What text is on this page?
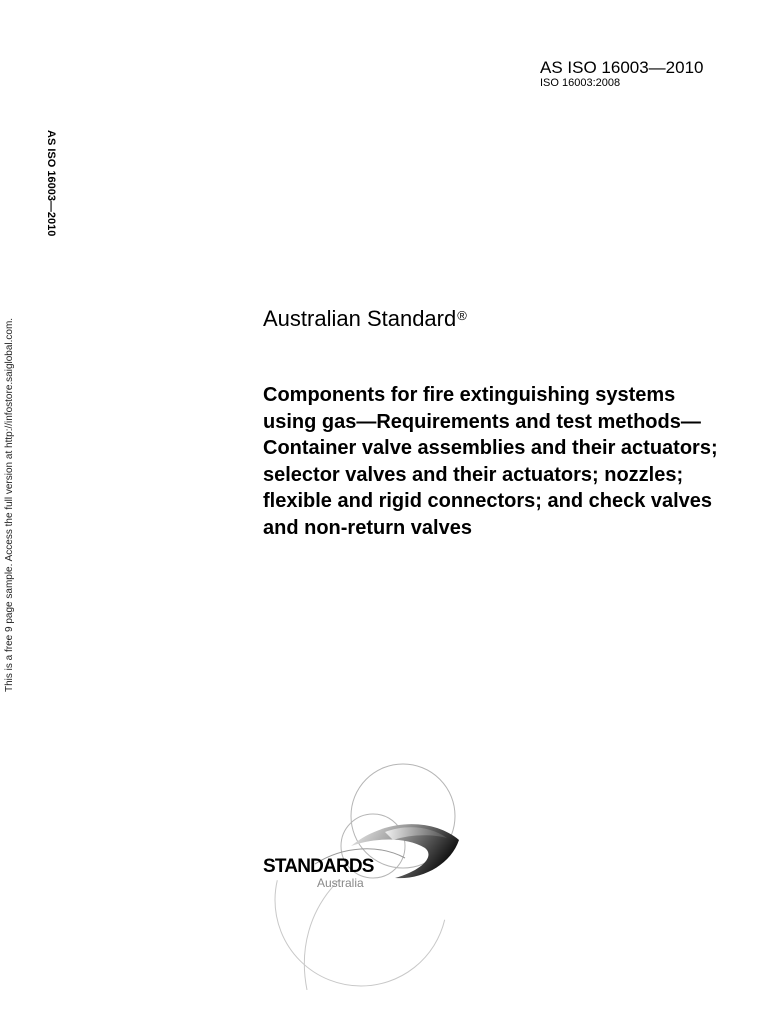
AS ISO 16003—2010
ISO 16003:2008
AS ISO 16003—2010
This is a free 9 page sample. Access the full version at http://infostore.saiglobal.com.	Australian Standard®
Components for fire extinguishing systems using gas—Requirements and test methods—Container valve assemblies and their actuators; selector valves and their actuators; nozzles; flexible and rigid connectors; and check valves and non-return valves
STANDARDS
Australia
